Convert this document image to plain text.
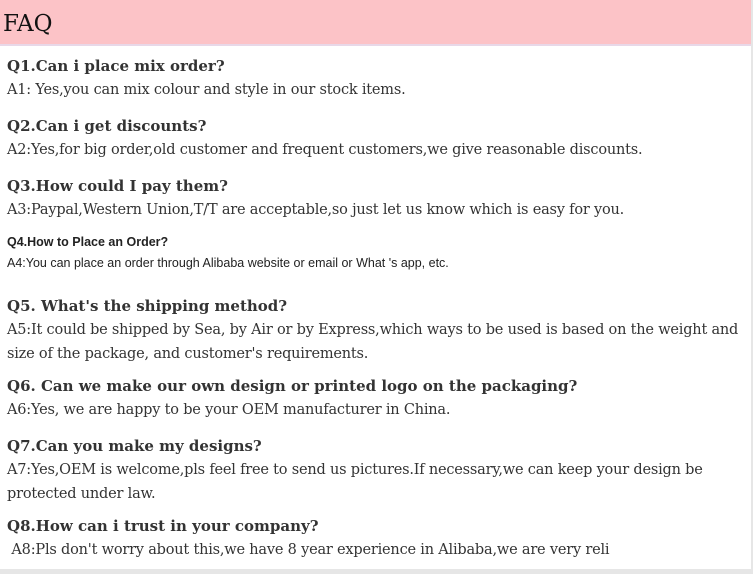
FAQ
Q1.Can i place mix order?
A1: Yes,you can mix colour and style in our stock items.
Q2.Can i get discounts?
A2:Yes,for big order,old customer and frequent customers,we give reasonable discounts.
Q3.How could I pay them?
A3:Paypal,Western Union,T/T are acceptable,so just let us know which is easy for you.
Q4.How to Place an Order?
A4:You can place an order through Alibaba website or email or What 's app, etc.
Q5. What's the shipping method?
A5:It could be shipped by Sea, by Air or by Express,which ways to be used is based on the weight and size of the package, and customer's requirements.
Q6. Can we make our own design or printed logo on the packaging?
A6:Yes, we are happy to be your OEM manufacturer in China.
Q7.Can you make my designs?
A7:Yes,OEM is welcome,pls feel free to send us pictures.If necessary,we can keep your design be protected under law.
Q8.How can i trust in your company?
A8:Pls don't worry about this,we have 8 year experience in Alibaba,we are very reli
